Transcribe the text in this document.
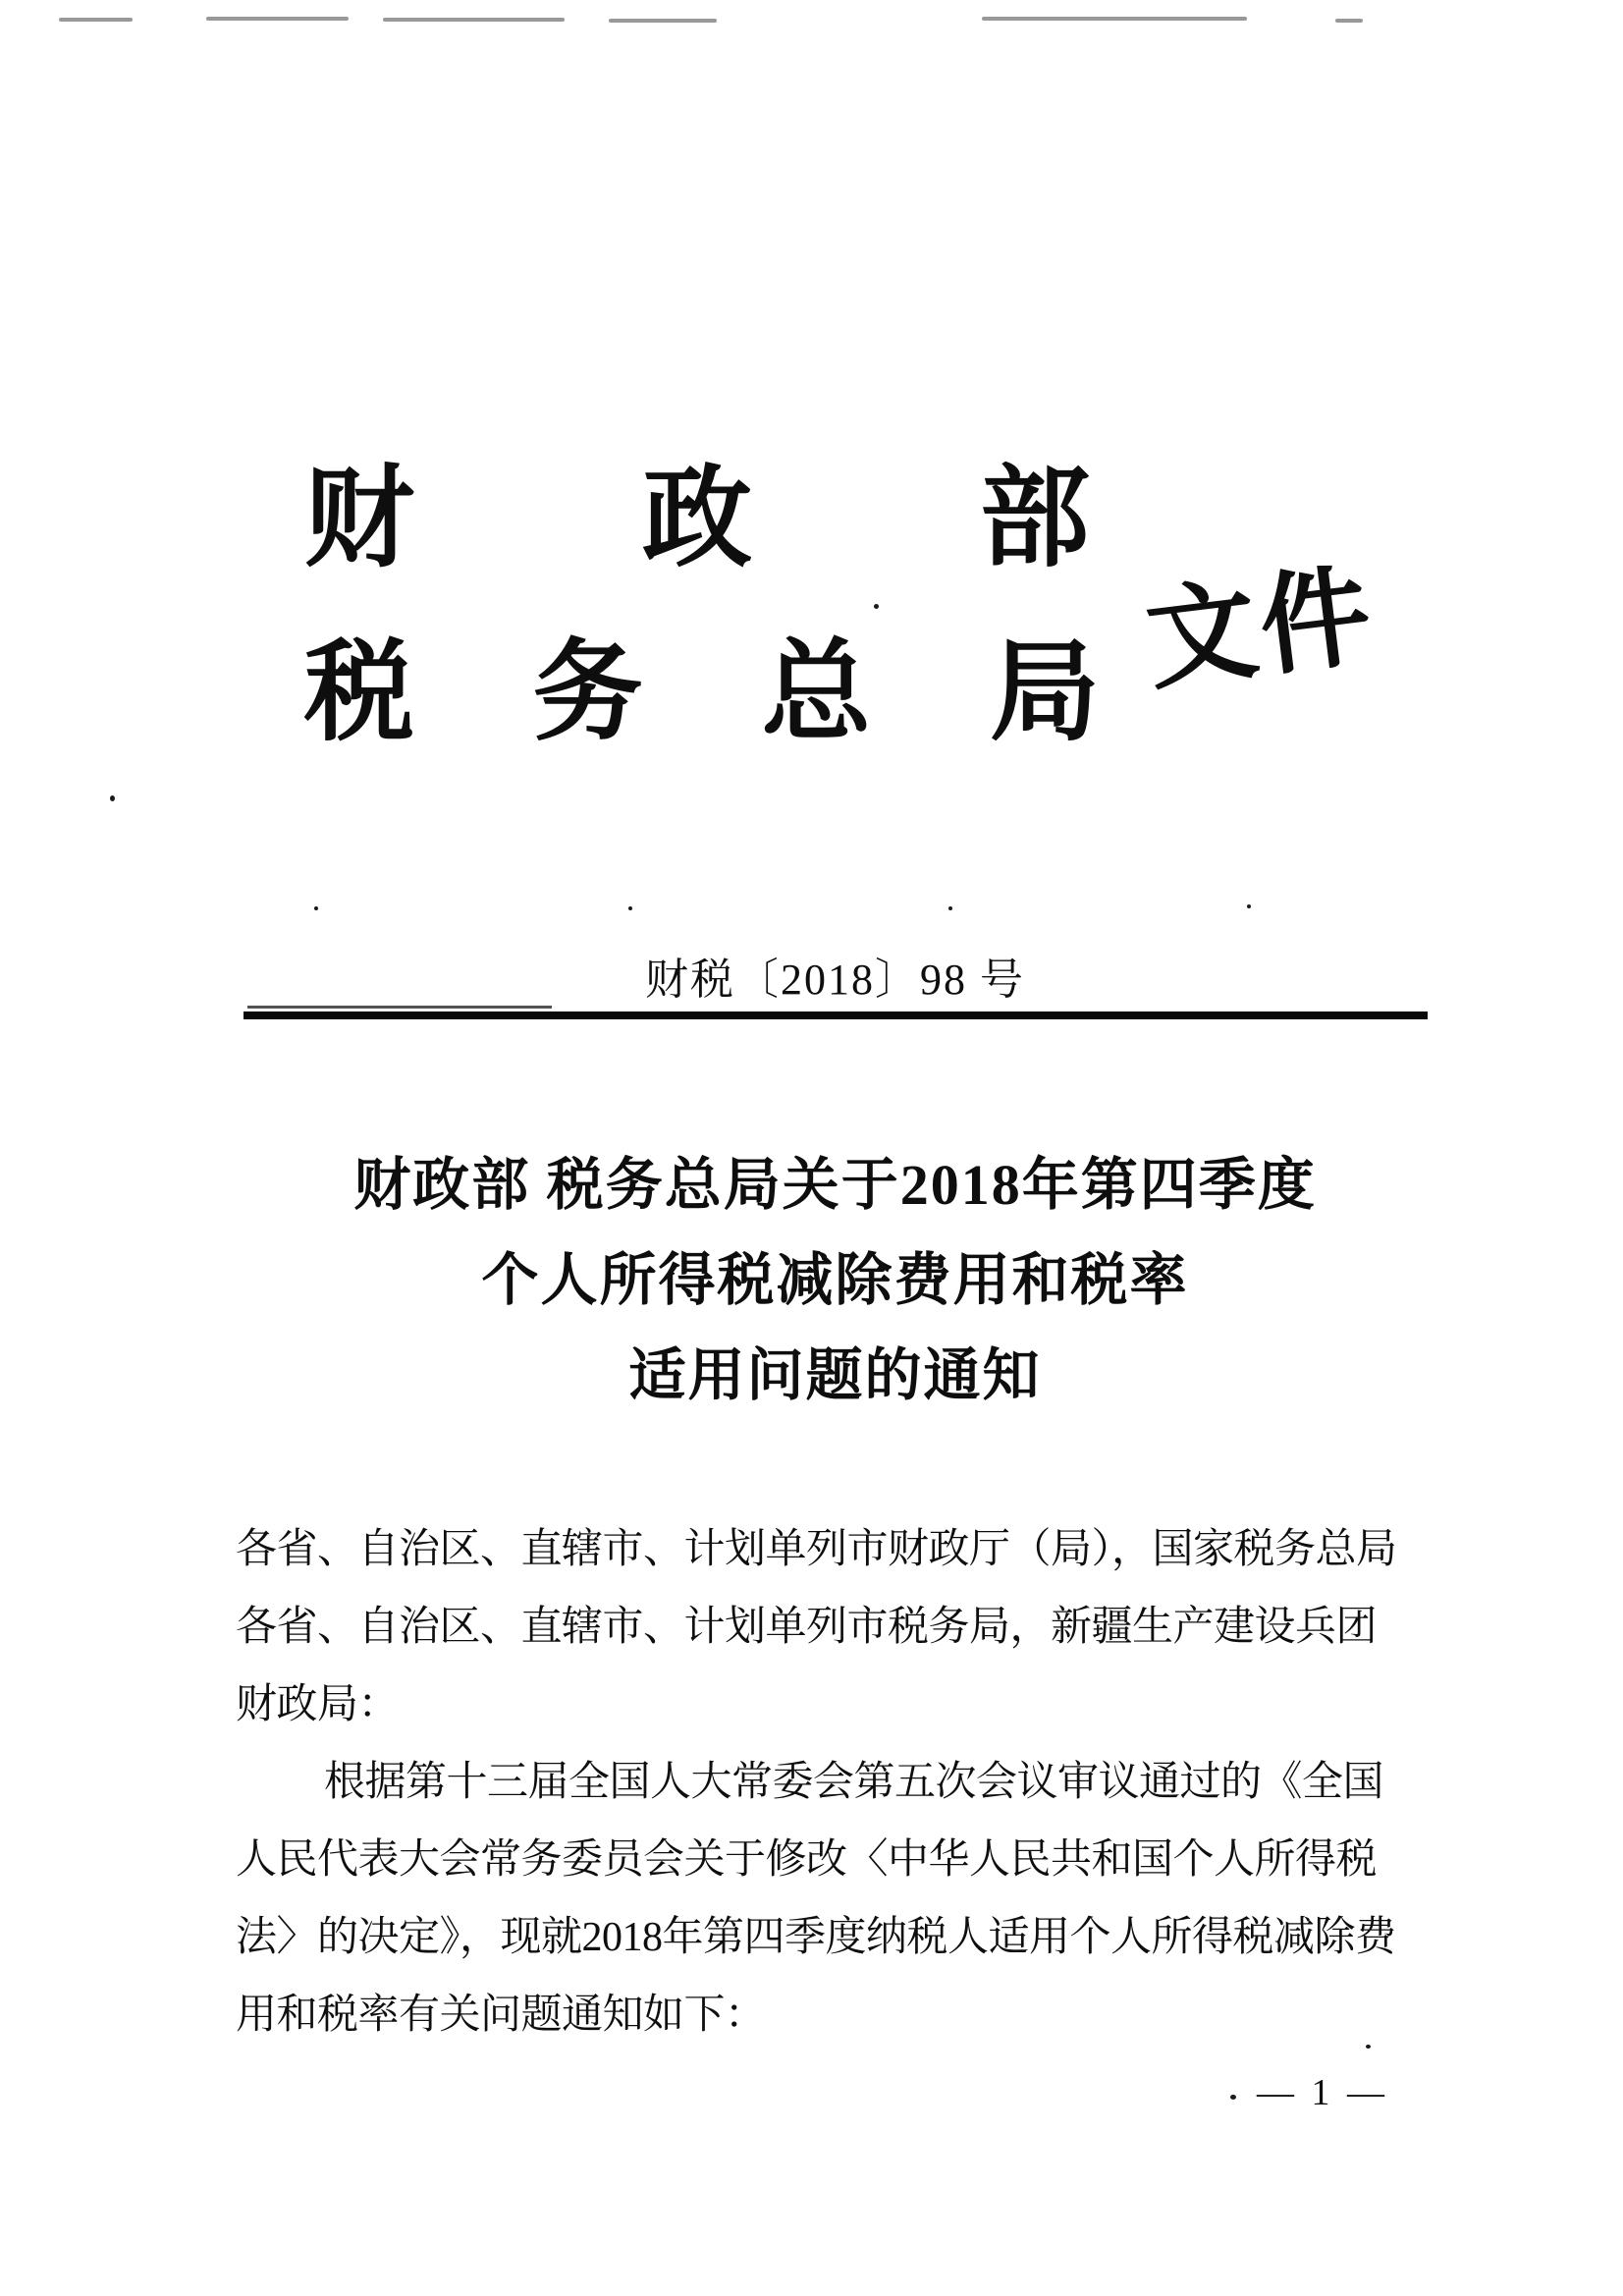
财 政 部
税 务 总 局 文件
财税〔2018〕98 号
财政部 税务总局关于2018年第四季度
个人所得税减除费用和税率
适用问题的通知
各省、自治区、直辖市、计划单列市财政厅（局），国家税务总局
各省、自治区、直辖市、计划单列市税务局，新疆生产建设兵团
财政局：
根据第十三届全国人大常委会第五次会议审议通过的《全国
人民代表大会常务委员会关于修改〈中华人民共和国个人所得税
法〉的决定》，现就2018年第四季度纳税人适用个人所得税减除费
用和税率有关问题通知如下：
— 1 —
